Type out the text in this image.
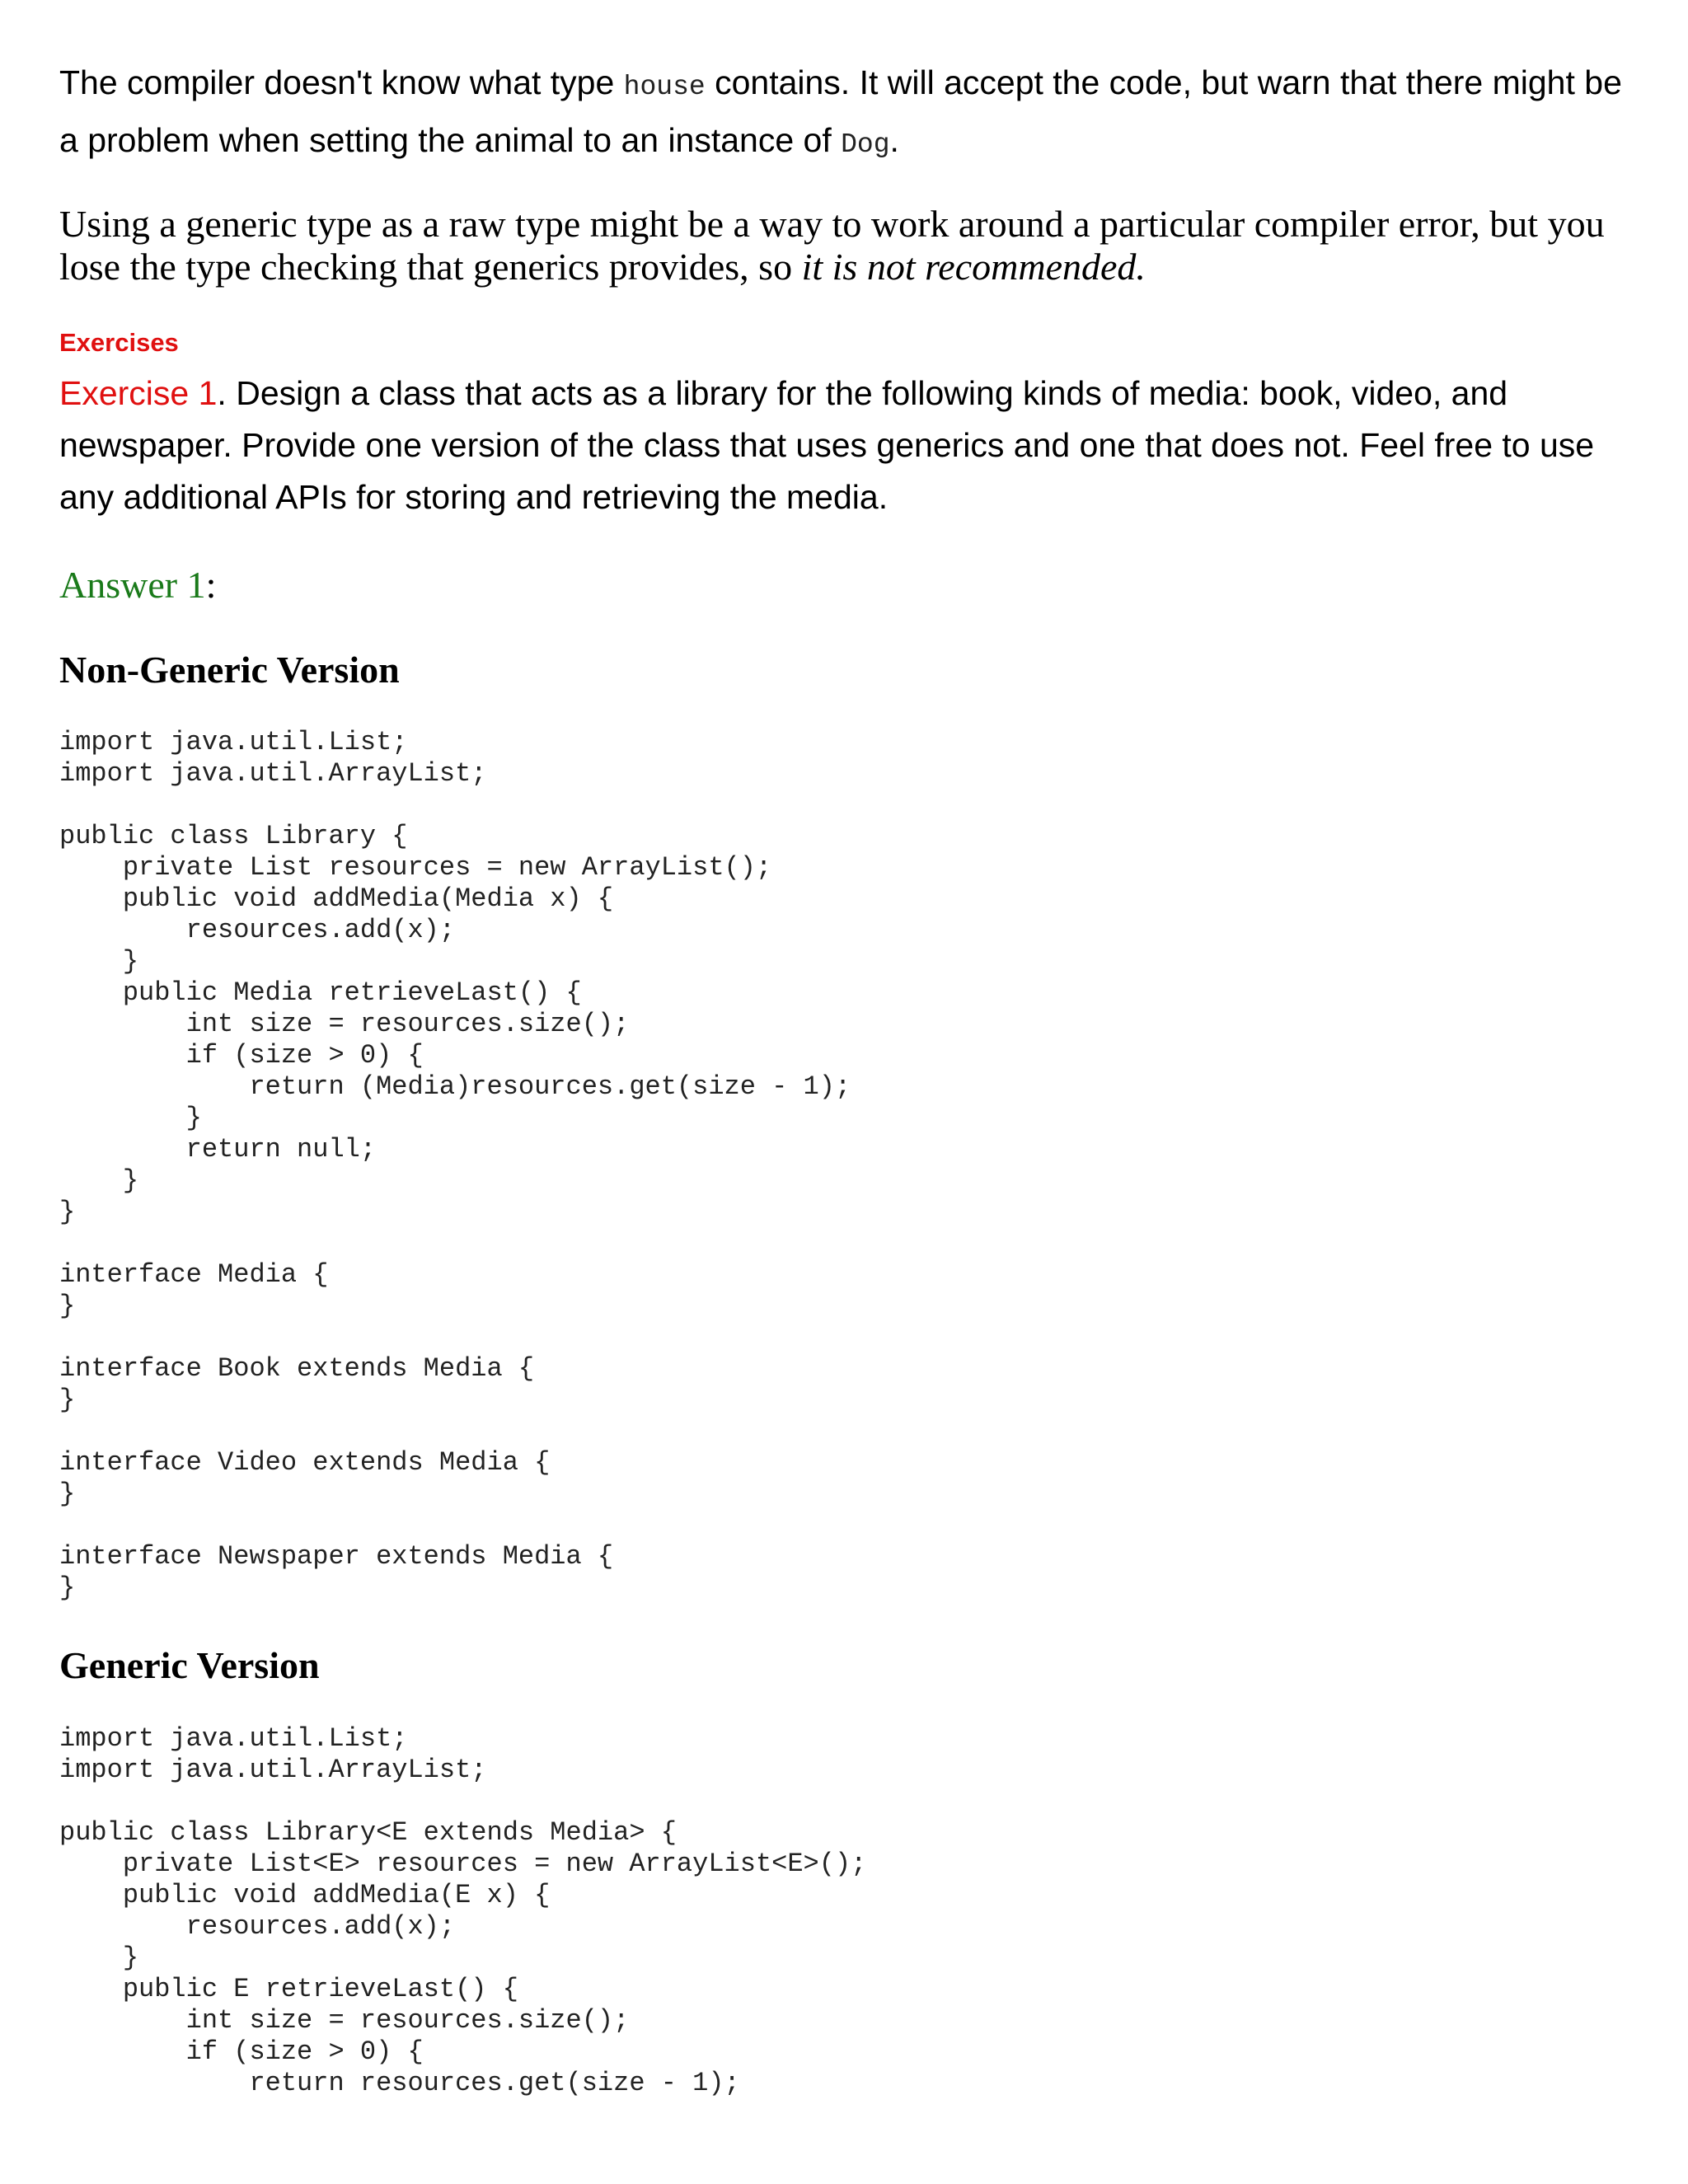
The compiler doesn't know what type house contains. It will accept the code, but warn that there might be a problem when setting the animal to an instance of Dog.

Using a generic type as a raw type might be a way to work around a particular compiler error, but you lose the type checking that generics provides, so it is not recommended.

Exercises

Exercise 1. Design a class that acts as a library for the following kinds of media: book, video, and newspaper. Provide one version of the class that uses generics and one that does not. Feel free to use any additional APIs for storing and retrieving the media.

Answer 1:

Non-Generic Version
import java.util.List;
import java.util.ArrayList;

public class Library {
private List resources = new ArrayList();
public void addMedia(Media x) {
resources.add(x);
}
public Media retrieveLast() {
int size = resources.size();
if (size > 0) {
return (Media)resources.get(size - 1);
}
return null;
}
}

interface Media {
}

interface Book extends Media {
}

interface Video extends Media {
}

interface Newspaper extends Media {
}
Generic Version
import java.util.List;
import java.util.ArrayList;

public class Library<E extends Media> {
private List<E> resources = new ArrayList<E>();
public void addMedia(E x) {
resources.add(x);
}
public E retrieveLast() {
int size = resources.size();
if (size > 0) {
return resources.get(size - 1);
